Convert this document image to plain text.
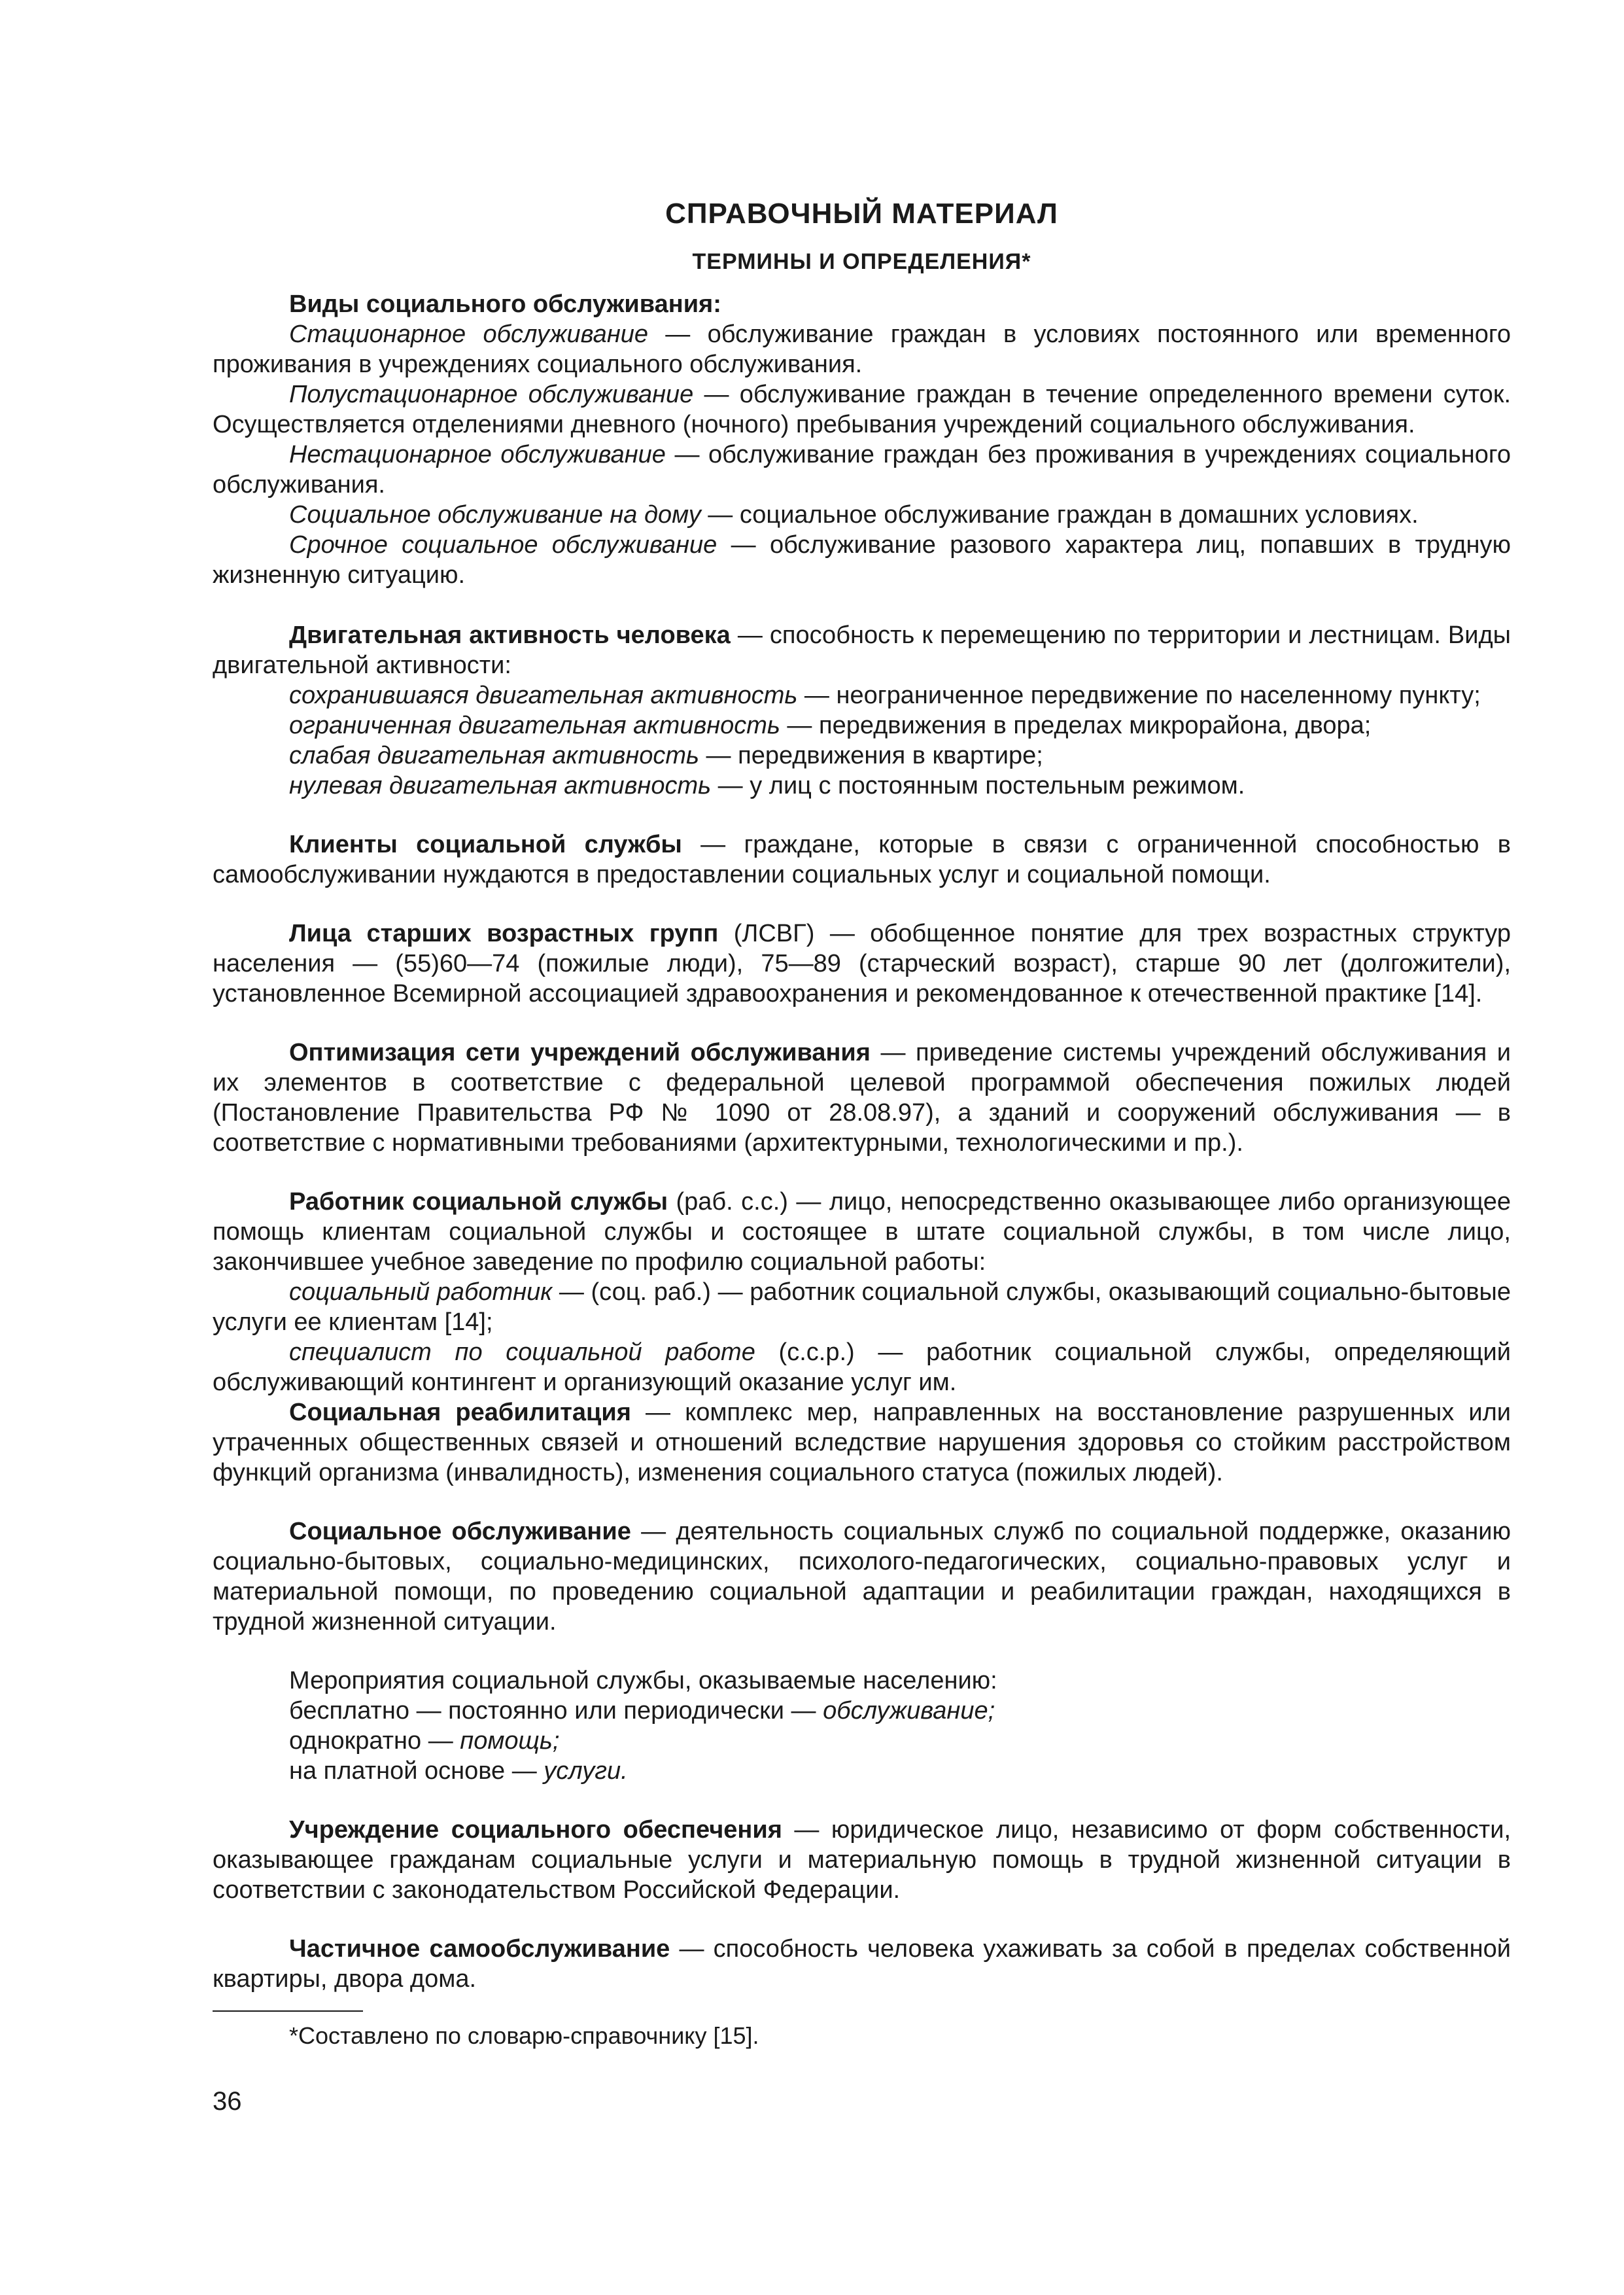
СПРАВОЧНЫЙ МАТЕРИАЛ
ТЕРМИНЫ И ОПРЕДЕЛЕНИЯ*

Виды социального обслуживания:

Стационарное обслуживание — обслуживание граждан в условиях постоянного или временного проживания в учреждениях социального обслуживания.

Полустационарное обслуживание — обслуживание граждан в течение определенного времени суток. Осуществляется отделениями дневного (ночного) пребывания учреждений социального обслуживания.

Нестационарное обслуживание — обслуживание граждан без проживания в учреждениях социального обслуживания.

Социальное обслуживание на дому — социальное обслуживание граждан в домашних условиях.

Срочное социальное обслуживание — обслуживание разового характера лиц, попавших в трудную жизненную ситуацию.

Двигательная активность человека — способность к перемещению по территории и лестницам. Виды двигательной активности:

сохранившаяся двигательная активность — неограниченное передвижение по населенному пункту;

ограниченная двигательная активность — передвижения в пределах микрорайона, двора;

слабая двигательная активность — передвижения в квартире;

нулевая двигательная активность — у лиц с постоянным постельным режимом.

Клиенты социальной службы — граждане, которые в связи с ограниченной способностью в самообслуживании нуждаются в предоставлении социальных услуг и социальной помощи.

Лица старших возрастных групп (ЛСВГ) — обобщенное понятие для трех возрастных структур населения — (55)60—74 (пожилые люди), 75—89 (старческий возраст), старше 90 лет (долгожители), установленное Всемирной ассоциацией здравоохранения и рекомендованное к отечественной практике [14].

Оптимизация сети учреждений обслуживания — приведение системы учреждений обслуживания и их элементов в соответствие с федеральной целевой программой обеспечения пожилых людей (Постановление Правительства РФ № 1090 от 28.08.97), а зданий и сооружений обслуживания — в соответствие с нормативными требованиями (архитектурными, технологическими и пр.).

Работник социальной службы (раб. с.с.) — лицо, непосредственно оказывающее либо организующее помощь клиентам социальной службы и состоящее в штате социальной службы, в том числе лицо, закончившее учебное заведение по профилю социальной работы:

социальный работник — (соц. раб.) — работник социальной службы, оказывающий социально-бытовые услуги ее клиентам [14];

специалист по социальной работе (с.с.р.) — работник социальной службы, определяющий обслуживающий контингент и организующий оказание услуг им.

Социальная реабилитация — комплекс мер, направленных на восстановление разрушенных или утраченных общественных связей и отношений вследствие нарушения здоровья со стойким расстройством функций организма (инвалидность), изменения социального статуса (пожилых людей).

Социальное обслуживание — деятельность социальных служб по социальной поддержке, оказанию социально-бытовых, социально-медицинских, психолого-педагогических, социально-правовых услуг и материальной помощи, по проведению социальной адаптации и реабилитации граждан, находящихся в трудной жизненной ситуации.

Мероприятия социальной службы, оказываемые населению:

бесплатно — постоянно или периодически — обслуживание;

однократно — помощь;

на платной основе — услуги.

Учреждение социального обеспечения — юридическое лицо, независимо от форм собственности, оказывающее гражданам социальные услуги и материальную помощь в трудной жизненной ситуации в соответствии с законодательством Российской Федерации.

Частичное самообслуживание — способность человека ухаживать за собой в пределах собственной квартиры, двора дома.

*Составлено по словарю-справочнику [15].
36
